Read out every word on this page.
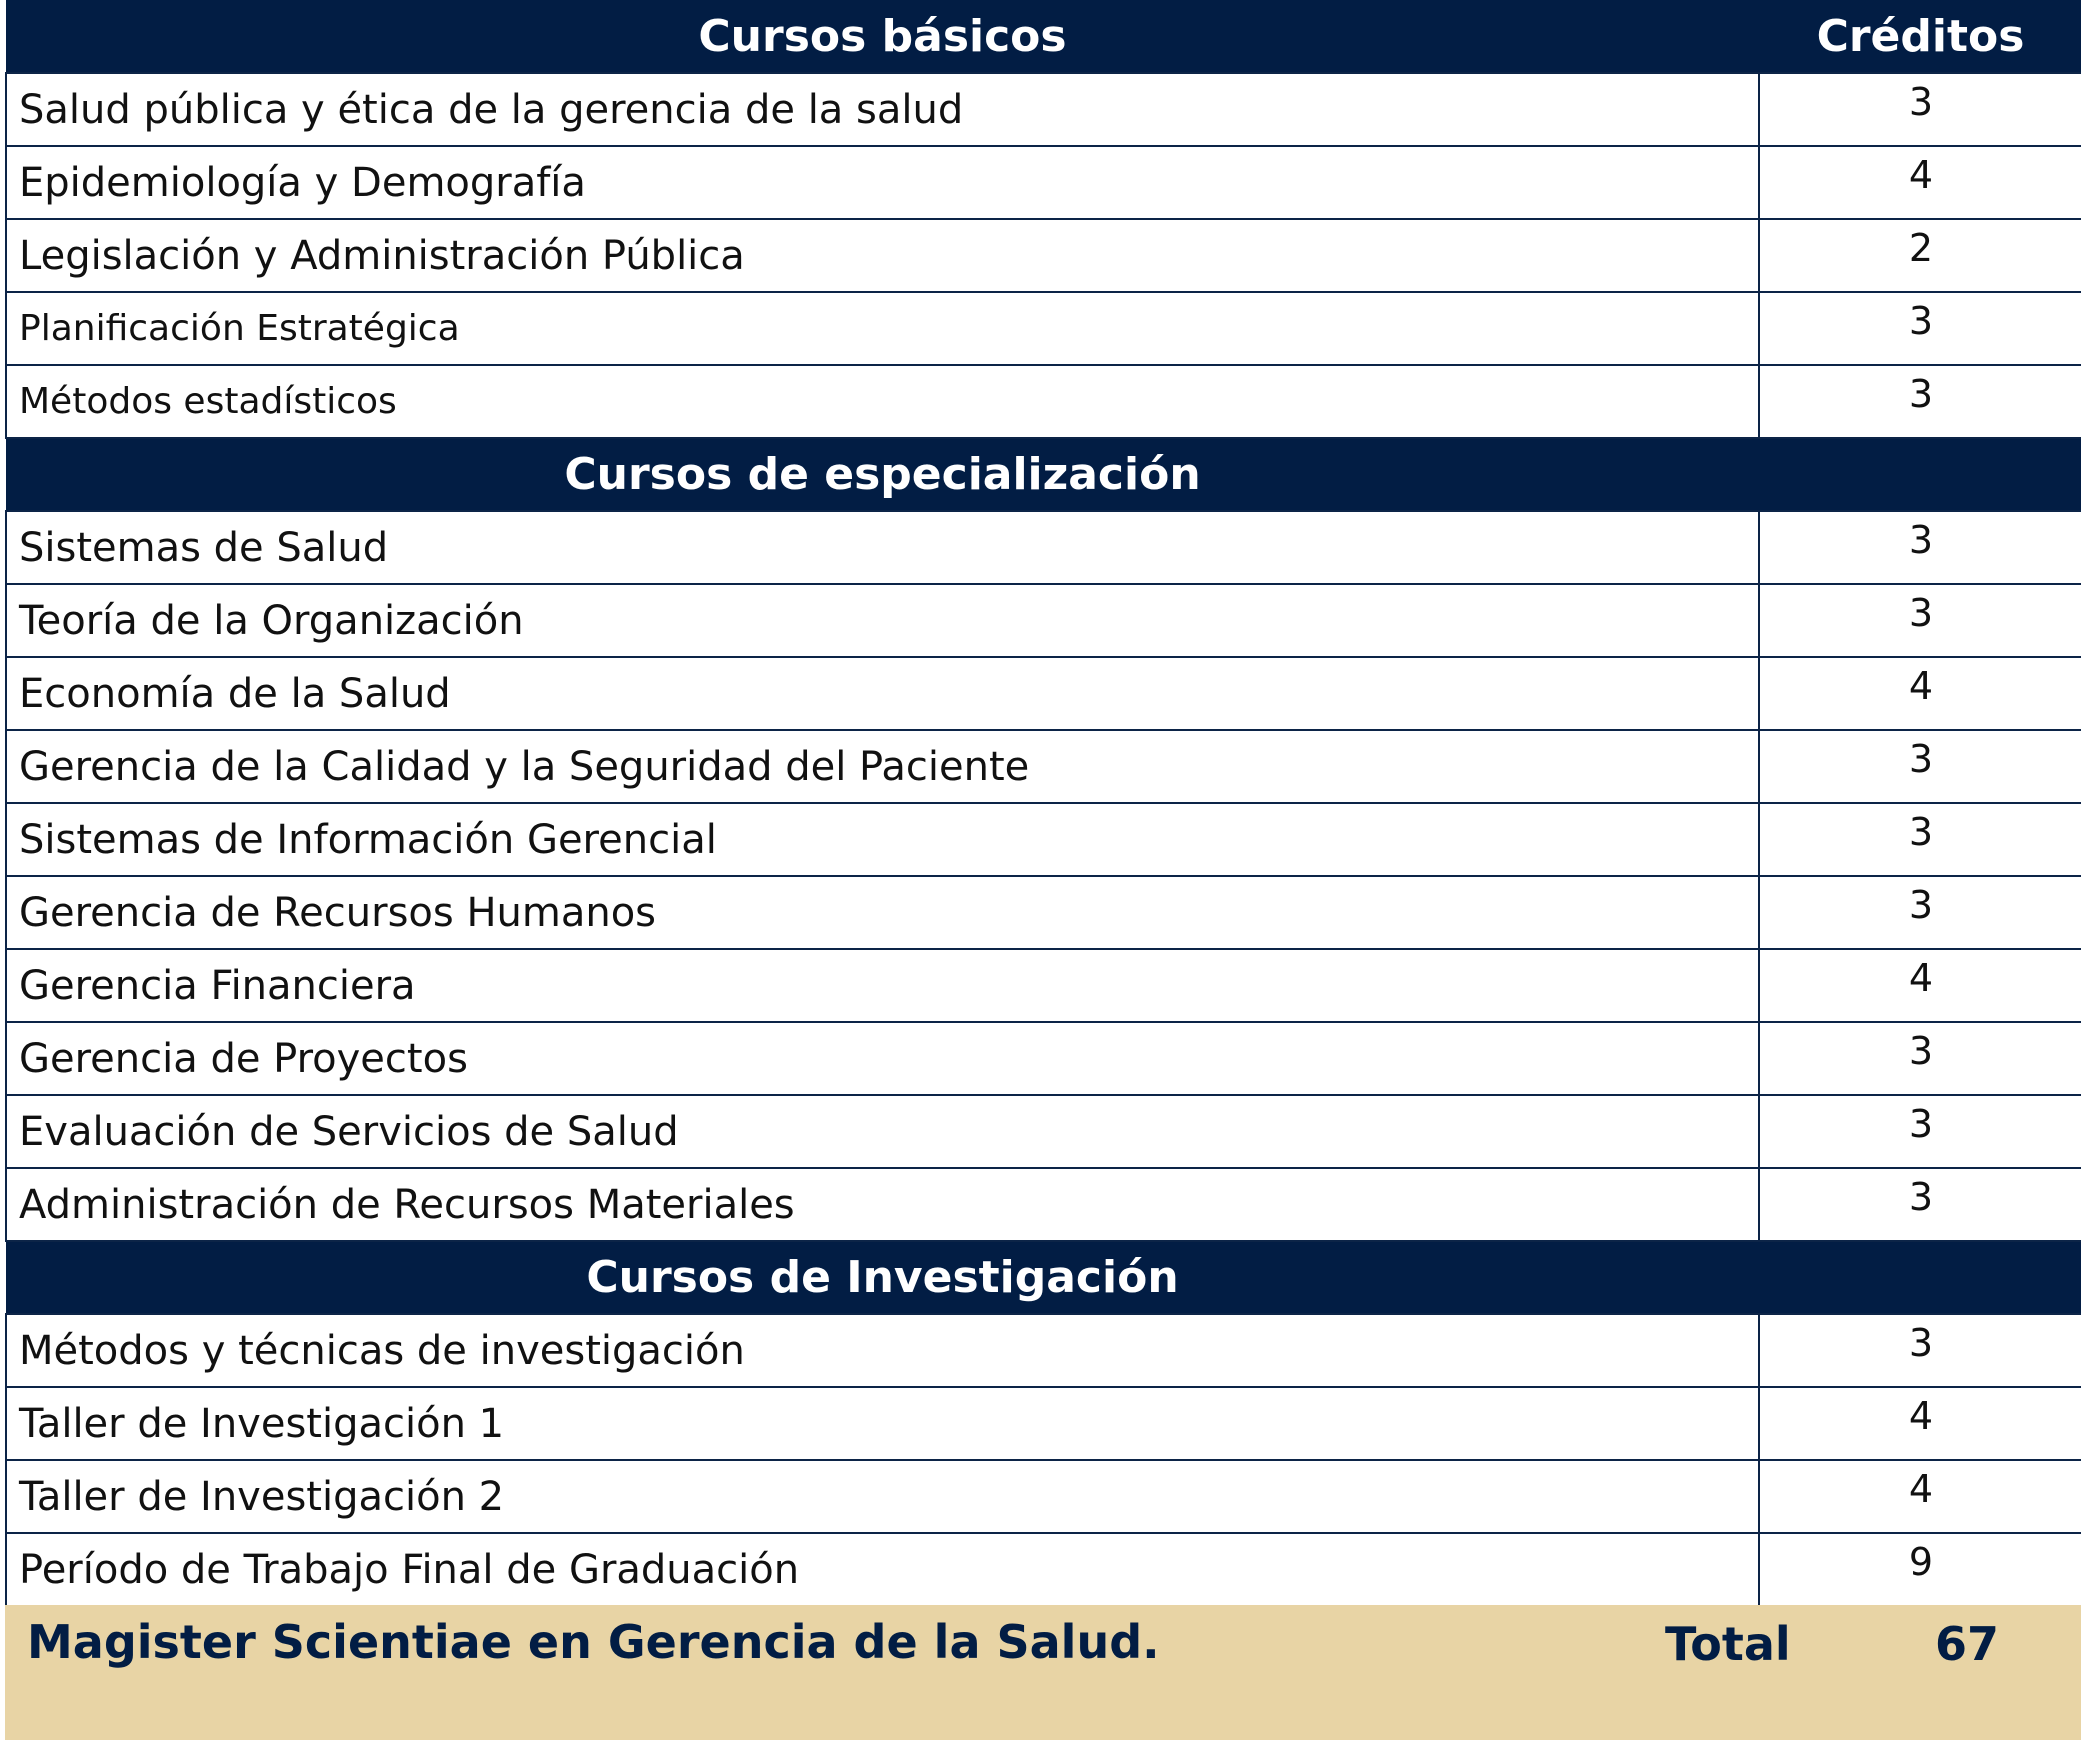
Cursos básicos	Créditos
Salud pública y ética de la gerencia de la salud	3
Epidemiología y Demografía	4
Legislación y Administración Pública	2
Planificación Estratégica	3
Métodos estadísticos	3
Cursos de especialización	
Sistemas de Salud	3
Teoría de la Organización	3
Economía de la Salud	4
Gerencia de la Calidad y la Seguridad del Paciente	3
Sistemas de Información Gerencial	3
Gerencia de Recursos Humanos	3
Gerencia Financiera	4
Gerencia de Proyectos	3
Evaluación de Servicios de Salud	3
Administración de Recursos Materiales	3
Cursos de Investigación	
Métodos y técnicas de investigación	3
Taller de Investigación 1	4
Taller de Investigación 2	4
Período de Trabajo Final de Graduación	9
Magister Scientiae en Gerencia de la Salud.	Total	67
